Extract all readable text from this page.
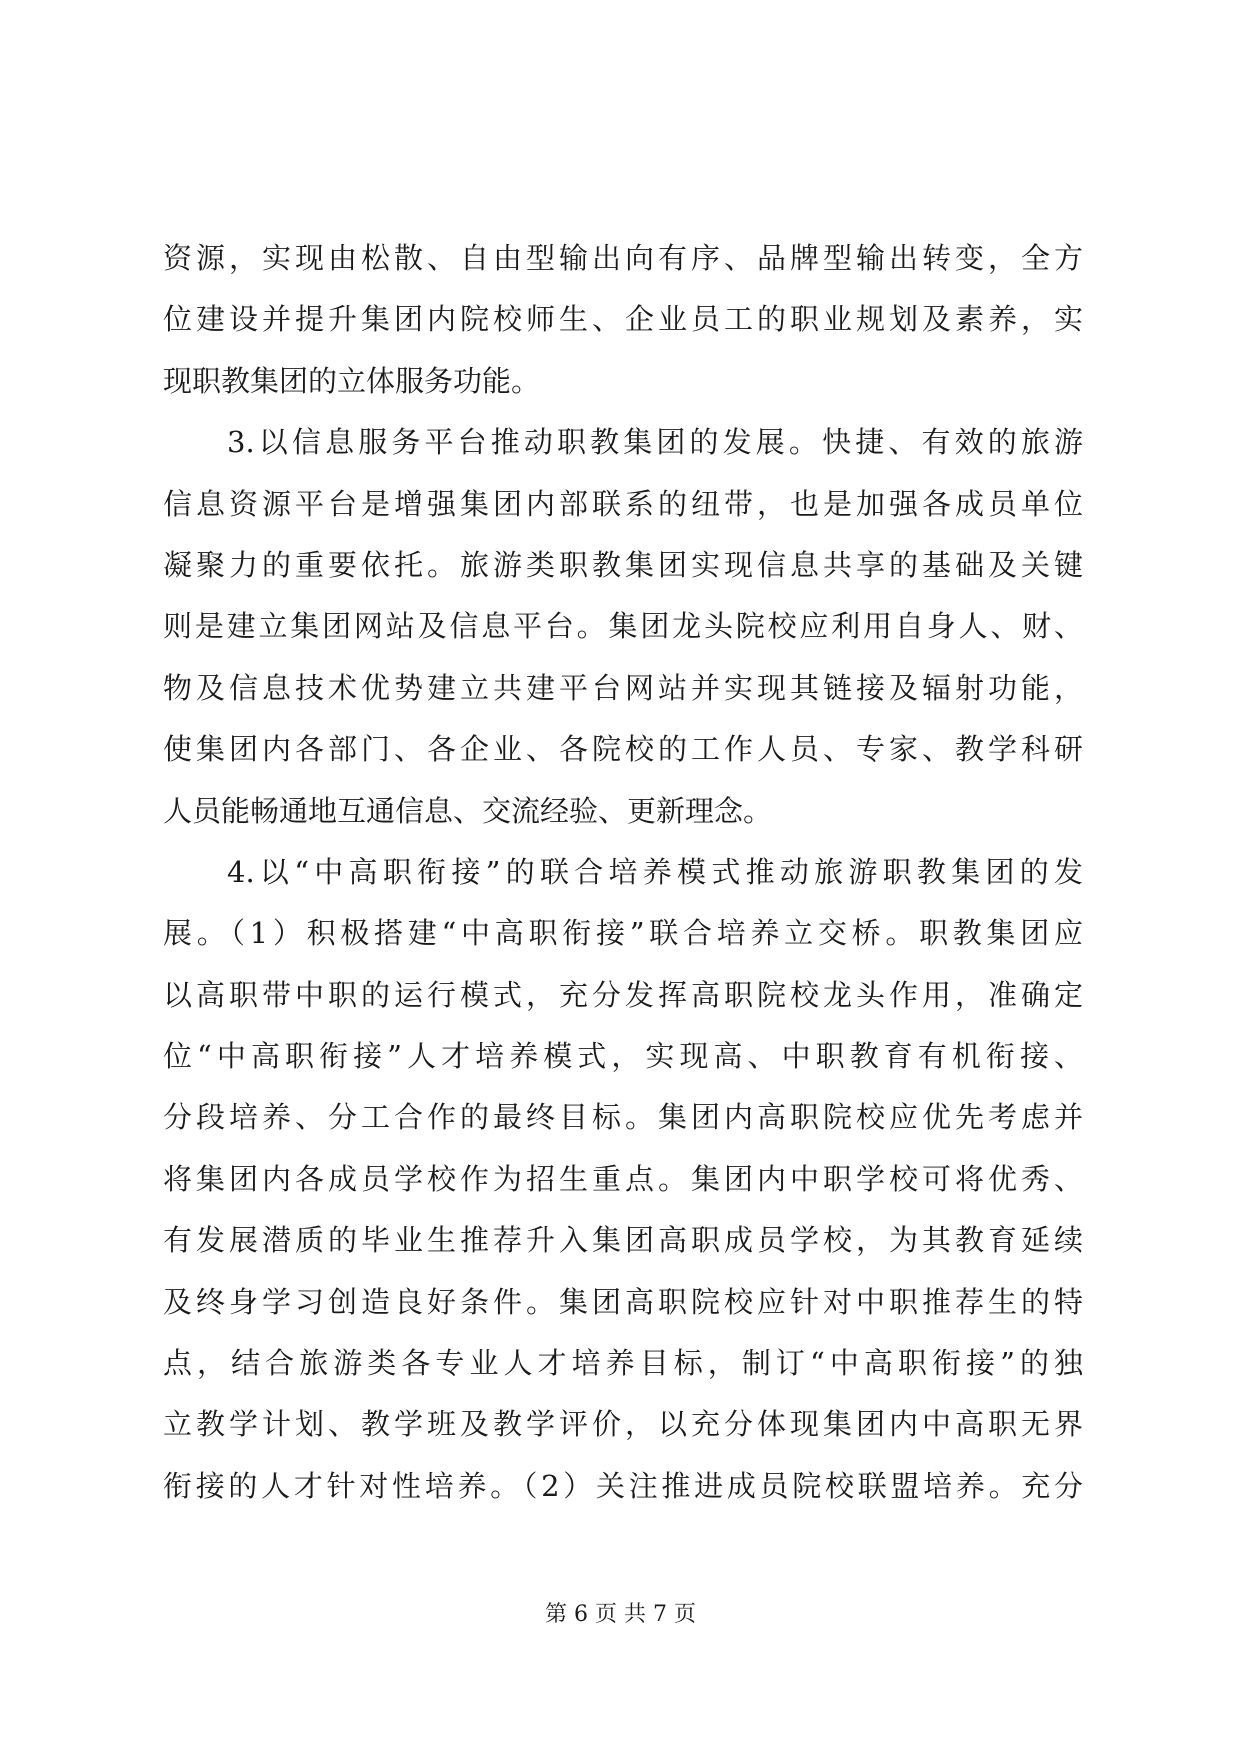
资源，实现由松散、自由型输出向有序、品牌型输出转变，全方
位建设并提升集团内院校师生、企业员工的职业规划及素养，实
现职教集团的立体服务功能。
3.以信息服务平台推动职教集团的发展。快捷、有效的旅游
信息资源平台是增强集团内部联系的纽带，也是加强各成员单位
凝聚力的重要依托。旅游类职教集团实现信息共享的基础及关键
则是建立集团网站及信息平台。集团龙头院校应利用自身人、财、
物及信息技术优势建立共建平台网站并实现其链接及辐射功能，
使集团内各部门、各企业、各院校的工作人员、专家、教学科研
人员能畅通地互通信息、交流经验、更新理念。
4.以“中高职衔接”的联合培养模式推动旅游职教集团的发
展。（1）积极搭建“中高职衔接”联合培养立交桥。职教集团应
以高职带中职的运行模式，充分发挥高职院校龙头作用，准确定
位“中高职衔接”人才培养模式，实现高、中职教育有机衔接、
分段培养、分工合作的最终目标。集团内高职院校应优先考虑并
将集团内各成员学校作为招生重点。集团内中职学校可将优秀、
有发展潜质的毕业生推荐升入集团高职成员学校，为其教育延续
及终身学习创造良好条件。集团高职院校应针对中职推荐生的特
点，结合旅游类各专业人才培养目标，制订“中高职衔接”的独
立教学计划、教学班及教学评价，以充分体现集团内中高职无界
衔接的人才针对性培养。（2）关注推进成员院校联盟培养。充分
第 6 页 共 7 页
